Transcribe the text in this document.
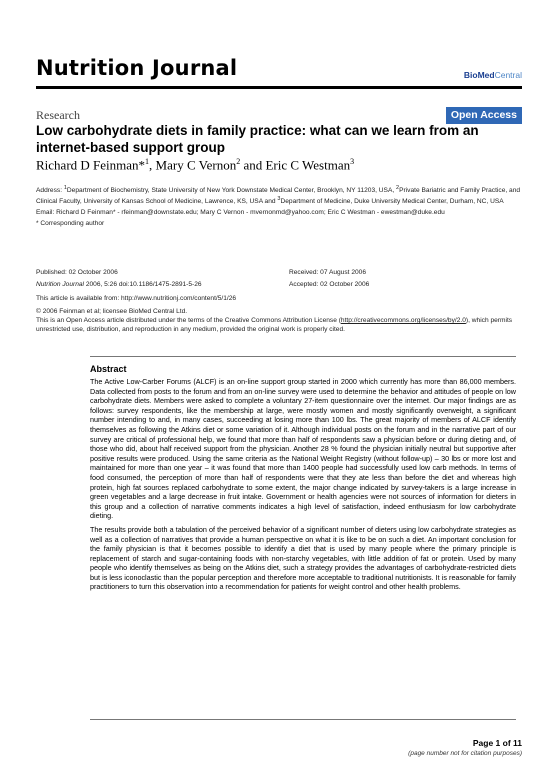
Nutrition Journal	BioMedCentral
Research	Open Access
Low carbohydrate diets in family practice: what can we learn from an internet-based support group
Richard D Feinman*$^1$, Mary C Vernon$^2$ and Eric C Westman$^3$

Address: $^1$Department of Biochemistry, State University of New York Downstate Medical Center, Brooklyn, NY 11203, USA, $^2$Private Bariatric and Family Practice, and Clinical Faculty, University of Kansas School of Medicine, Lawrence, KS, USA and $^3$Department of Medicine, Duke University Medical Center, Durham, NC, USA

Email: Richard D Feinman* - rfeinman@downstate.edu; Mary C Vernon - mvernonmd@yahoo.com; Eric C Westman - ewestman@duke.edu

* Corresponding author

Published: 02 October 2006	Received: 07 August 2006
Nutrition Journal 2006, 5:26 doi:10.1186/1475-2891-5-26	Accepted: 02 October 2006
This article is available from: http://www.nutritionj.com/content/5/1/26
© 2006 Feinman et al; licensee BioMed Central Ltd.
This is an Open Access article distributed under the terms of the Creative Commons Attribution License (http://creativecommons.org/licenses/by/2.0), which permits unrestricted use, distribution, and reproduction in any medium, provided the original work is properly cited.
Abstract

The Active Low-Carber Forums (ALCF) is an on-line support group started in 2000 which currently has more than 86,000 members. Data collected from posts to the forum and from an on-line survey were used to determine the behavior and attitudes of people on low carbohydrate diets. Members were asked to complete a voluntary 27-item questionnaire over the internet. Our major findings are as follows: survey respondents, like the membership at large, were mostly women and mostly significantly overweight, a significant number intending to and, in many cases, succeeding at losing more than 100 lbs. The great majority of members of ALCF identify themselves as following the Atkins diet or some variation of it. Although individual posts on the forum and in the narrative part of our survey are critical of professional help, we found that more than half of respondents saw a physician before or during dieting and, of those who did, about half received support from the physician. Another 28 % found the physician initially neutral but supportive after positive results were produced. Using the same criteria as the National Weight Registry (without follow-up) – 30 lbs or more lost and maintained for more than one year – it was found that more than 1400 people had successfully used low carb methods. In terms of food consumed, the perception of more than half of respondents were that they ate less than before the diet and whereas high protein, high fat sources replaced carbohydrate to some extent, the major change indicated by survey-takers is a large increase in green vegetables and a large decrease in fruit intake. Government or health agencies were not sources of information for dieters in this group and a collection of narrative comments indicates a high level of satisfaction, indeed enthusiasm for low carbohydrate dieting.

The results provide both a tabulation of the perceived behavior of a significant number of dieters using low carbohydrate strategies as well as a collection of narratives that provide a human perspective on what it is like to be on such a diet. An important conclusion for the family physician is that it becomes possible to identify a diet that is used by many people where the primary principle is replacement of starch and sugar-containing foods with non-starchy vegetables, with little addition of fat or protein. Used by many people who identify themselves as being on the Atkins diet, such a strategy provides the advantages of carbohydrate-restricted diets but is less iconoclastic than the popular perception and therefore more acceptable to traditional nutritionists. It is reasonable for family practitioners to turn this observation into a recommendation for patients for weight control and other health problems.

Page 1 of 11
(page number not for citation purposes)
